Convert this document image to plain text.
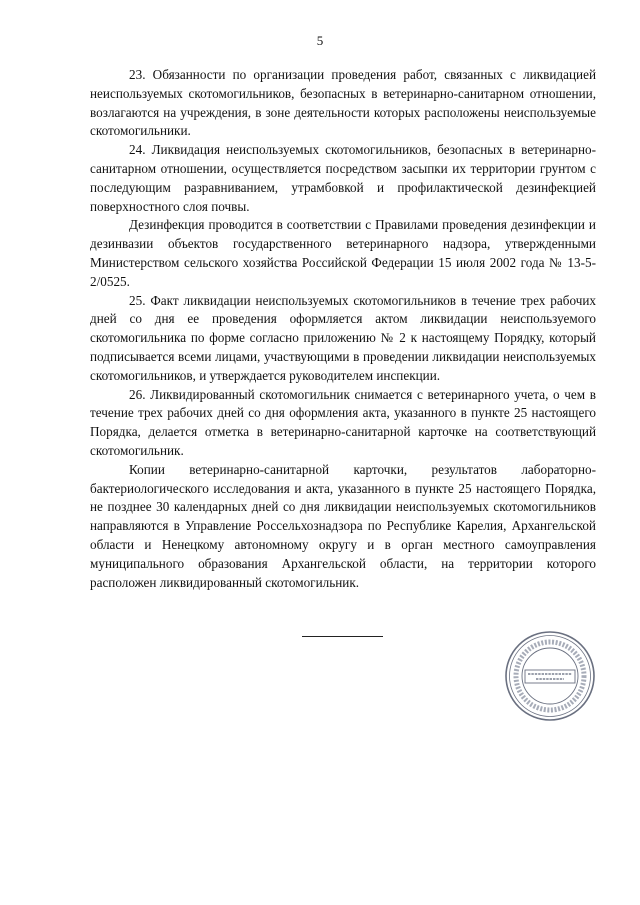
5

23. Обязанности по организации проведения работ, связанных с ликвидацией неиспользуемых скотомогильников, безопасных в ветеринарно-санитарном отношении, возлагаются на учреждения, в зоне деятельности которых расположены неиспользуемые скотомогильники.

24. Ликвидация неиспользуемых скотомогильников, безопасных в ветеринарно-санитарном отношении, осуществляется посредством засыпки их территории грунтом с последующим разравниванием, утрамбовкой и профилактической дезинфекцией поверхностного слоя почвы.

Дезинфекция проводится в соответствии с Правилами проведения дезинфекции и дезинвазии объектов государственного ветеринарного надзора, утвержденными Министерством сельского хозяйства Российской Федерации 15 июля 2002 года № 13-5-2/0525.

25. Факт ликвидации неиспользуемых скотомогильников в течение трех рабочих дней со дня ее проведения оформляется актом ликвидации неиспользуемого скотомогильника по форме согласно приложению № 2 к настоящему Порядку, который подписывается всеми лицами, участвующими в проведении ликвидации неиспользуемых скотомогильников, и утверждается руководителем инспекции.

26. Ликвидированный скотомогильник снимается с ветеринарного учета, о чем в течение трех рабочих дней со дня оформления акта, указанного в пункте 25 настоящего Порядка, делается отметка в ветеринарно-санитарной карточке на соответствующий скотомогильник.

Копии ветеринарно-санитарной карточки, результатов лабораторно-бактериологического исследования и акта, указанного в пункте 25 настоящего Порядка, не позднее 30 календарных дней со дня ликвидации неиспользуемых скотомогильников направляются в Управление Россельхознадзора по Республике Карелия, Архангельской области и Ненецкому автономному округу и в орган местного самоуправления муниципального образования Архангельской области, на территории которого расположен ликвидированный скотомогильник.
